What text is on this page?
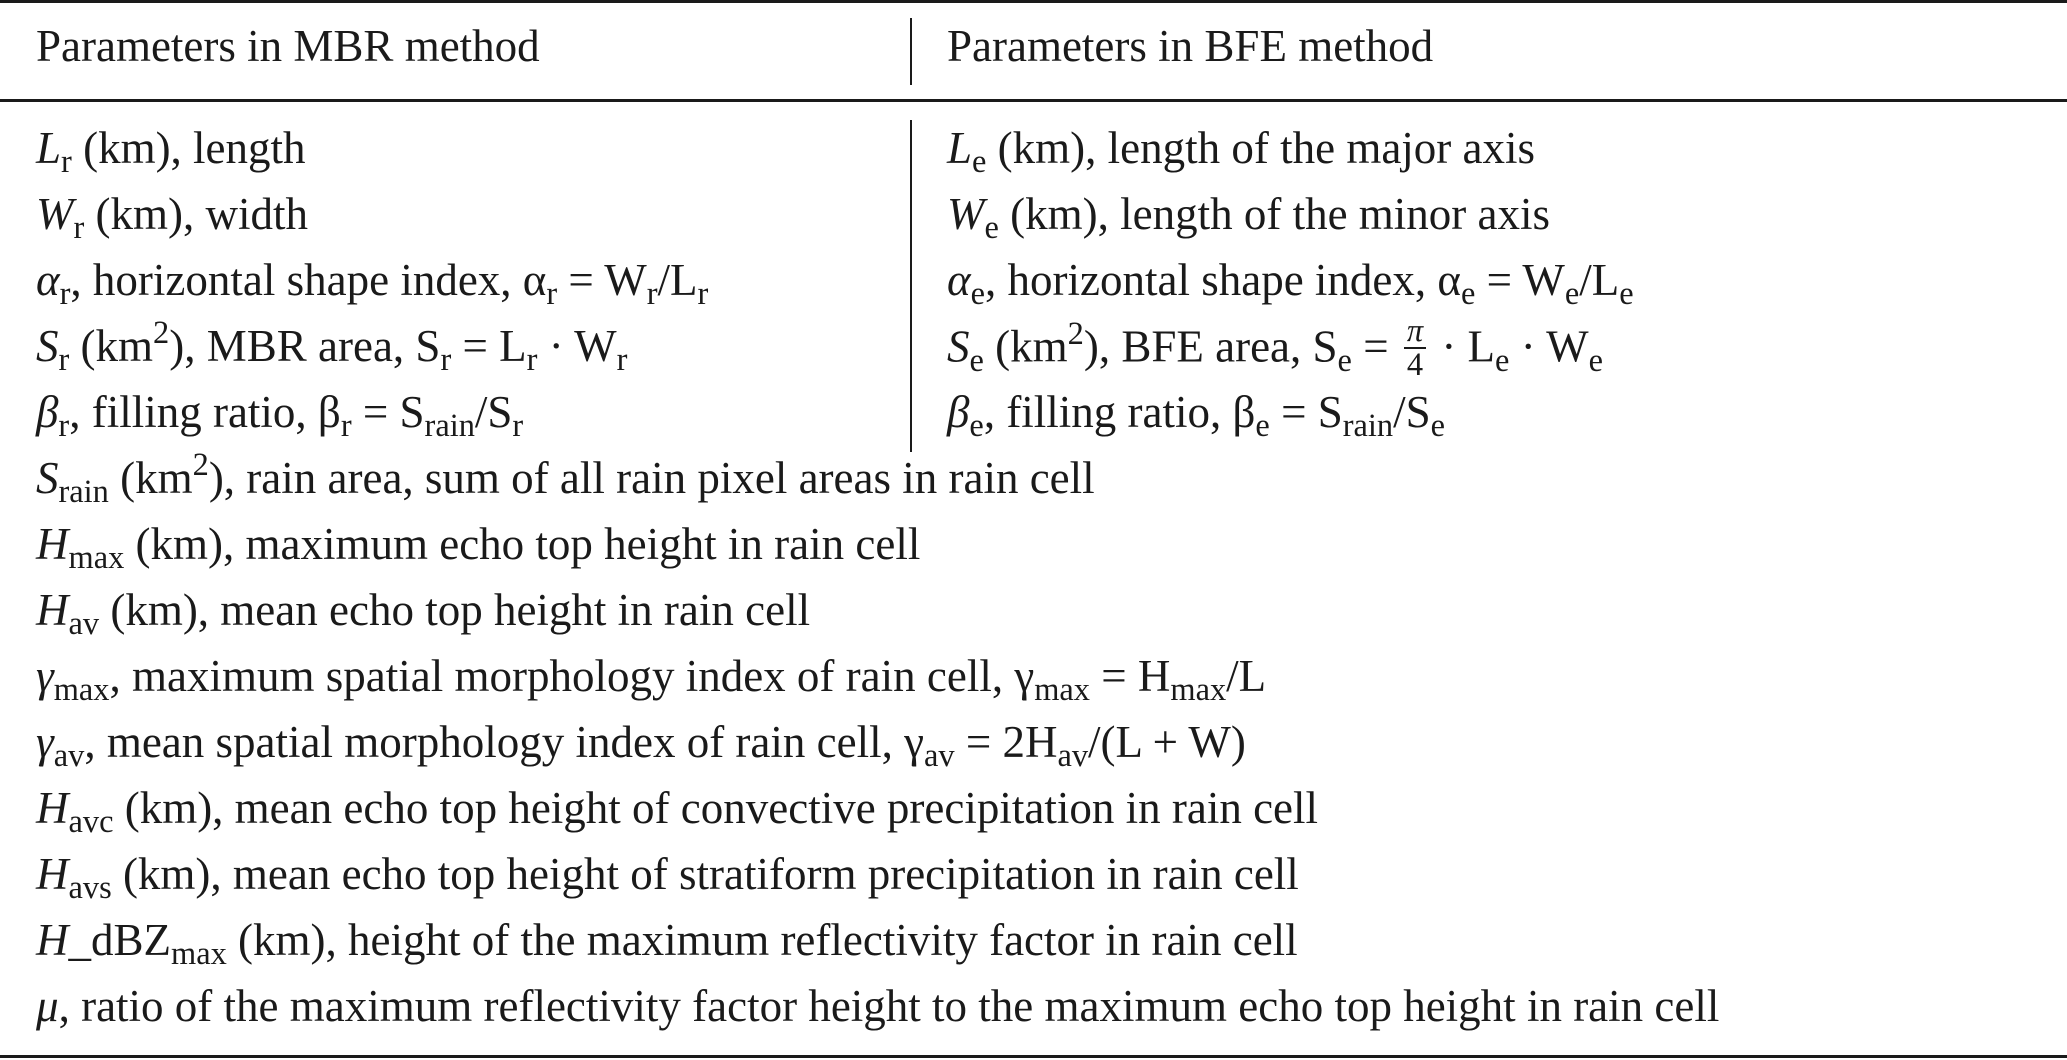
Parameters in MBR method	Parameters in BFE method
$L_r$ (km), length
$W_r$ (km), width
$\alpha_r$, horizontal shape index, $\alpha_r = W_r/L_r$
$S_r$ $(km^2)$, MBR area, $S_r = L_r \cdot W_r$
$\beta_r$, filling ratio, $\beta_r = S_{rain}/S_r$
$L_e$ (km), length of the major axis
$W_e$ (km), length of the minor axis
$\alpha_e$, horizontal shape index, $\alpha_e = W_e/L_e$
$S_e$ $(km^2)$, BFE area, $S_e = \frac{\pi}{4} \cdot L_e \cdot W_e$
$\beta_e$, filling ratio, $\beta_e = S_{rain}/S_e$
$S_{rain}$ $(km^2)$, rain area, sum of all rain pixel areas in rain cell
$H_{max}$ (km), maximum echo top height in rain cell
$H_{av}$ (km), mean echo top height in rain cell
$\gamma_{max}$, maximum spatial morphology index of rain cell, $\gamma_{max} = H_{max}/L$
$\gamma_{av}$, mean spatial morphology index of rain cell, $\gamma_{av} = 2H_{av}/(L + W)$
$H_{avc}$ (km), mean echo top height of convective precipitation in rain cell
$H_{avs}$ (km), mean echo top height of stratiform precipitation in rain cell
H_dBZ$_{max}$ (km), height of the maximum reflectivity factor in rain cell
μ, ratio of the maximum reflectivity factor height to the maximum echo top height in rain cell
